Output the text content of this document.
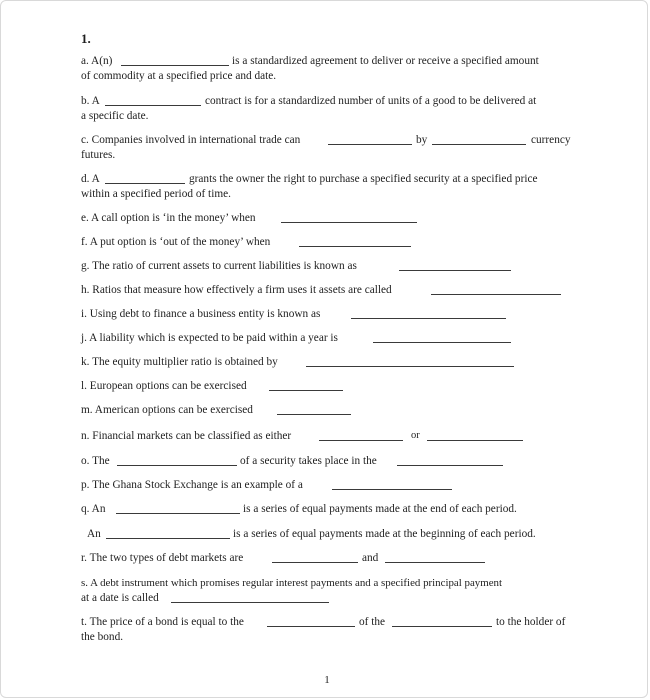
1.
a. A(n)	is a standardized agreement to deliver or receive a specified amount
of commodity at a specified price and date.
b. A	contract is for a standardized number of units of a good to be delivered at
a specific date.
c. Companies involved in international trade can	by	currency
futures.
d. A	grants the owner the right to purchase a specified security at a specified price
within a specified period of time.
e. A call option is ‘in the money’ when
f. A put option is ‘out of the money’ when
g. The ratio of current assets to current liabilities is known as
h. Ratios that measure how effectively a firm uses it assets are called
i. Using debt to finance a business entity is known as
j. A liability which is expected to be paid within a year is
k. The equity multiplier ratio is obtained by
l. European options can be exercised
m. American options can be exercised
n. Financial markets can be classified as either	or
o. The	of a security takes place in the
p. The Ghana Stock Exchange is an example of a
q. An	is a series of equal payments made at the end of each period.
An	is a series of equal payments made at the beginning of each period.
r. The two types of debt markets are	and
s. A debt instrument which promises regular interest payments and a specified principal payment
at a date is called
t. The price of a bond is equal to the	of the	to the holder of
the bond.
1
